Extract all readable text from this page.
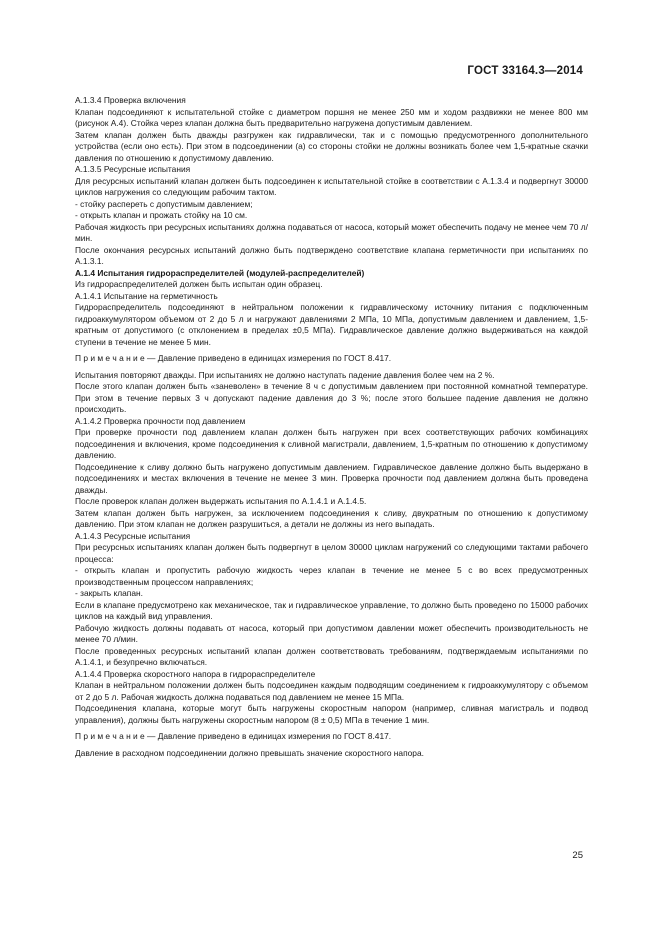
ГОСТ 33164.3—2014

А.1.3.4 Проверка включения

Клапан подсоединяют к испытательной стойке с диаметром поршня не менее 250 мм и ходом раздвижки не менее 800 мм (рисунок А.4). Стойка через клапан должна быть предварительно нагружена допустимым давлением.

Затем клапан должен быть дважды разгружен как гидравлически, так и с помощью предусмотренного дополнительного устройства (если оно есть). При этом в подсоединении (а) со стороны стойки не должны возникать более чем 1,5-кратные скачки давления по отношению к допустимому давлению.

А.1.3.5 Ресурсные испытания

Для ресурсных испытаний клапан должен быть подсоединен к испытательной стойке в соответствии с А.1.3.4 и подвергнут 30000 циклов нагружения со следующим рабочим тактом.

- стойку распереть с допустимым давлением;

- открыть клапан и прожать стойку на 10 см.

Рабочая жидкость при ресурсных испытаниях должна подаваться от насоса, который может обеспечить подачу не менее чем 70 л/мин.

После окончания ресурсных испытаний должно быть подтверждено соответствие клапана герметичности при испытаниях по А.1.3.1.

А.1.4 Испытания гидрораспределителей (модулей-распределителей)

Из гидрораспределителей должен быть испытан один образец.

А.1.4.1 Испытание на герметичность

Гидрораспределитель подсоединяют в нейтральном положении к гидравлическому источнику питания с подключенным гидроаккумулятором объемом от 2 до 5 л и нагружают давлениями 2 МПа, 10 МПа, допустимым давлением и давлением, 1,5-кратным от допустимого (с отклонением в пределах ±0,5 МПа). Гидравлическое давление должно выдерживаться на каждой ступени в течение не менее 5 мин.

П р и м е ч а н и е — Давление приведено в единицах измерения по ГОСТ 8.417.

Испытания повторяют дважды. При испытаниях не должно наступать падение давления более чем на 2 %.

После этого клапан должен быть «заневолен» в течение 8 ч с допустимым давлением при постоянной комнатной температуре. При этом в течение первых 3 ч допускают падение давления до 3 %; после этого большее падение давления не должно происходить.

А.1.4.2 Проверка прочности под давлением

При проверке прочности под давлением клапан должен быть нагружен при всех соответствующих рабочих комбинациях подсоединения и включения, кроме подсоединения к сливной магистрали, давлением, 1,5-кратным по отношению к допустимому давлению.

Подсоединение к сливу должно быть нагружено допустимым давлением. Гидравлическое давление должно быть выдержано в подсоединениях и местах включения в течение не менее 3 мин. Проверка прочности под давлением должна быть проведена дважды.

После проверок клапан должен выдержать испытания по А.1.4.1 и А.1.4.5.

Затем клапан должен быть нагружен, за исключением подсоединения к сливу, двукратным по отношению к допустимому давлению. При этом клапан не должен разрушиться, а детали не должны из него выпадать.

А.1.4.3 Ресурсные испытания

При ресурсных испытаниях клапан должен быть подвергнут в целом 30000 циклам нагружений со следующими тактами рабочего процесса:

- открыть клапан и пропустить рабочую жидкость через клапан в течение не менее 5 с во всех предусмотренных производственным процессом направлениях;

- закрыть клапан.

Если в клапане предусмотрено как механическое, так и гидравлическое управление, то должно быть проведено по 15000 рабочих циклов на каждый вид управления.

Рабочую жидкость должны подавать от насоса, который при допустимом давлении может обеспечить производительность не менее 70 л/мин.

После проведенных ресурсных испытаний клапан должен соответствовать требованиям, подтверждаемым испытаниями по А.1.4.1, и безупречно включаться.

А.1.4.4 Проверка скоростного напора в гидрораспределителе

Клапан в нейтральном положении должен быть подсоединен каждым подводящим соединением к гидроаккумулятору с объемом от 2 до 5 л. Рабочая жидкость должна подаваться под давлением не менее 15 МПа.

Подсоединения клапана, которые могут быть нагружены скоростным напором (например, сливная магистраль и подвод управления), должны быть нагружены скоростным напором (8 ± 0,5) МПа в течение 1 мин.

П р и м е ч а н и е — Давление приведено в единицах измерения по ГОСТ 8.417.

Давление в расходном подсоединении должно превышать значение скоростного напора.

25
